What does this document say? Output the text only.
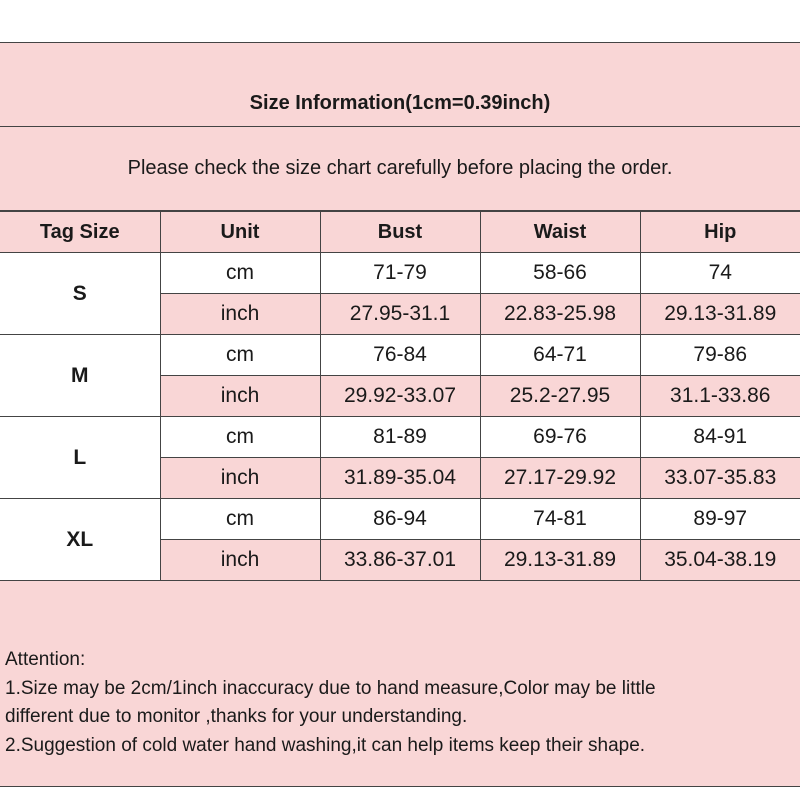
Size Information(1cm=0.39inch)
Please check the size chart carefully before placing the order.
Tag Size	Unit	Bust	Waist	Hip
S	cm	71-79	58-66	74
	inch	27.95-31.1	22.83-25.98	29.13-31.89
M	cm	76-84	64-71	79-86
	inch	29.92-33.07	25.2-27.95	31.1-33.86
L	cm	81-89	69-76	84-91
	inch	31.89-35.04	27.17-29.92	33.07-35.83
XL	cm	86-94	74-81	89-97
	inch	33.86-37.01	29.13-31.89	35.04-38.19
Attention:
1.Size may be 2cm/1inch inaccuracy due to hand measure,Color may be little
different due to monitor ,thanks for your understanding.
2.Suggestion of cold water hand washing,it can help items keep their shape.
